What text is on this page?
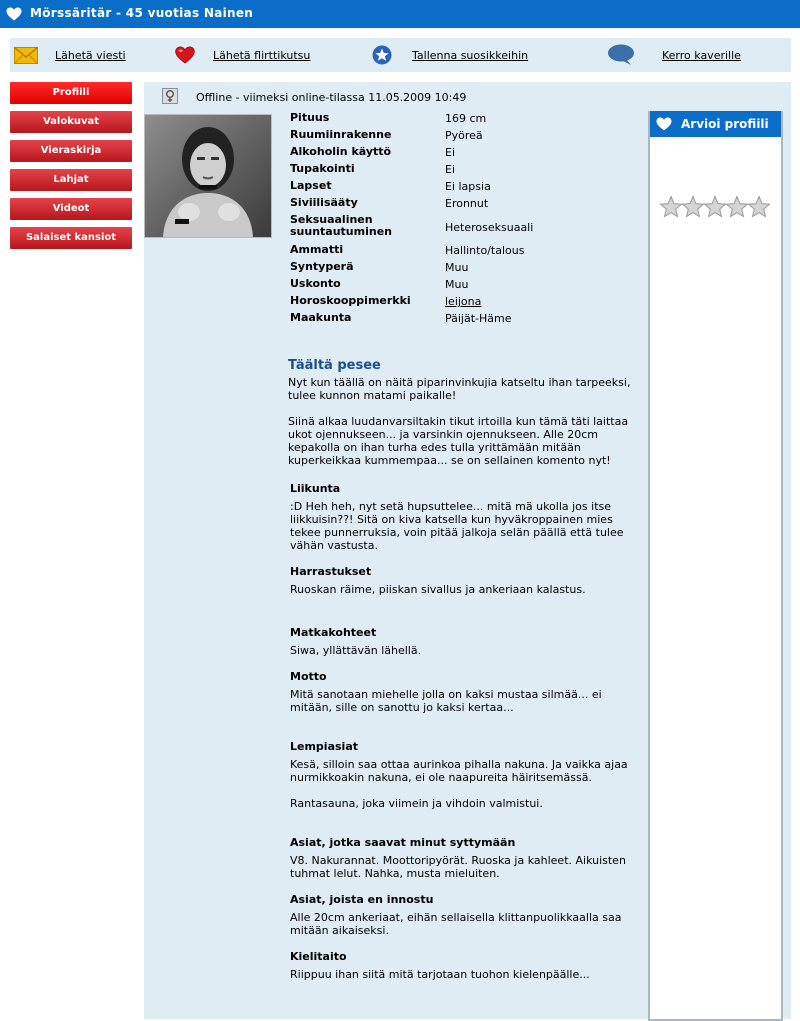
Mörssäritär - 45 vuotias Nainen
Lähetä viesti	Lähetä flirttikutsu	Tallenna suosikkeihin	Kerro kaverille
Profiili
Valokuvat
Vieraskirja
Lahjat
Videot
Salaiset kansiot
Offline - viimeksi online-tilassa 11.05.2009 10:49
Pituus	169 cm
Ruumiinrakenne	Pyöreä
Alkoholin käyttö	Ei
Tupakointi	Ei
Lapset	Ei lapsia
Siviilisääty	Eronnut
Seksuaalinen suuntautuminen	Heteroseksuaali
Ammatti	Hallinto/talous
Syntyperä	Muu
Uskonto	Muu
Horoskooppimerkki	leijona
Maakunta	Päijät-Häme
Täältä pesee

Nyt kun täällä on näitä piparinvinkujia katseltu ihan tarpeeksi, tulee kunnon matami paikalle!

Siinä alkaa luudanvarsiltakin tikut irtoilla kun tämä täti laittaa ukot ojennukseen... ja varsinkin ojennukseen. Alle 20cm kepakolla on ihan turha edes tulla yrittämään mitään kuperkeikkaa kummempaa... se on sellainen komento nyt!

Liikunta

:D Heh heh, nyt setä hupsuttelee... mitä mä ukolla jos itse liikkuisin??! Sitä on kiva katsella kun hyväkroppainen mies tekee punnerruksia, voin pitää jalkoja selän päällä että tulee vähän vastusta.

Harrastukset

Ruoskan räime, piiskan sivallus ja ankeriaan kalastus.

Matkakohteet

Siwa, yllättävän lähellä.

Motto

Mitä sanotaan miehelle jolla on kaksi mustaa silmää... ei mitään, sille on sanottu jo kaksi kertaa...

Lempiasiat

Kesä, silloin saa ottaa aurinkoa pihalla nakuna. Ja vaikka ajaa nurmikkoakin nakuna, ei ole naapureita häiritsemässä.

Rantasauna, joka viimein ja vihdoin valmistui.

Asiat, jotka saavat minut syttymään

V8. Nakurannat. Moottoripyörät. Ruoska ja kahleet. Aikuisten tuhmat lelut. Nahka, musta mieluiten.

Asiat, joista en innostu

Alle 20cm ankeriaat, eihän sellaisella klittanpuolikkaalla saa mitään aikaiseksi.

Kielitaito

Riippuu ihan siitä mitä tarjotaan tuohon kielenpäälle...

Arvioi profiili
